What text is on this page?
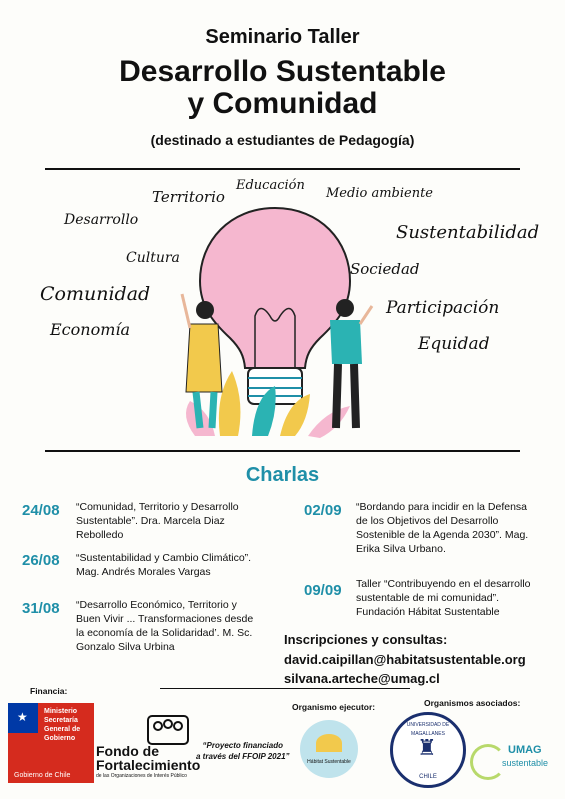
Seminario Taller
Desarrollo Sustentable
y Comunidad
(destinado a estudiantes de Pedagogía)
Territorio
Educación
Medio ambiente
Desarrollo
Sustentabilidad
Cultura
Sociedad
Comunidad
Participación
Economía
Equidad
Charlas
24/08 “Comunidad, Territorio y Desarrollo
Sustentable”. Dra. Marcela Diaz
Rebolledo
26/08 “Sustentabilidad y Cambio Climático”.
Mag. Andrés Morales Vargas
31/08 “Desarrollo Económico, Territorio y
Buen Vivir ... Transformaciones desde
la economía de la Solidaridad’. M. Sc.
Gonzalo Silva Urbina
02/09 “Bordando para incidir en la Defensa
de los Objetivos del Desarrollo
Sostenible de la Agenda 2030”. Mag.
Erika Silva Urbano.
09/09 Taller “Contribuyendo en el desarrollo
sustentable de mi comunidad”.
Fundación Hábitat Sustentable
Inscripciones y consultas:
david.caipillan@habitatsustentable.org
silvana.arteche@umag.cl
Financia:
★ Ministerio
Secretaría
General de
Gobierno
Gobierno de Chile
Fondo de
Fortalecimiento
de las Organizaciones de Interés Público
“Proyecto financiado
a través del FFOIP 2021”
Organismo ejecutor:
Hábitat Sustentable
Organismos asociados:
UNIVERSIDAD DE MAGALLANES
♜
CHILE
UMAG
sustentable
